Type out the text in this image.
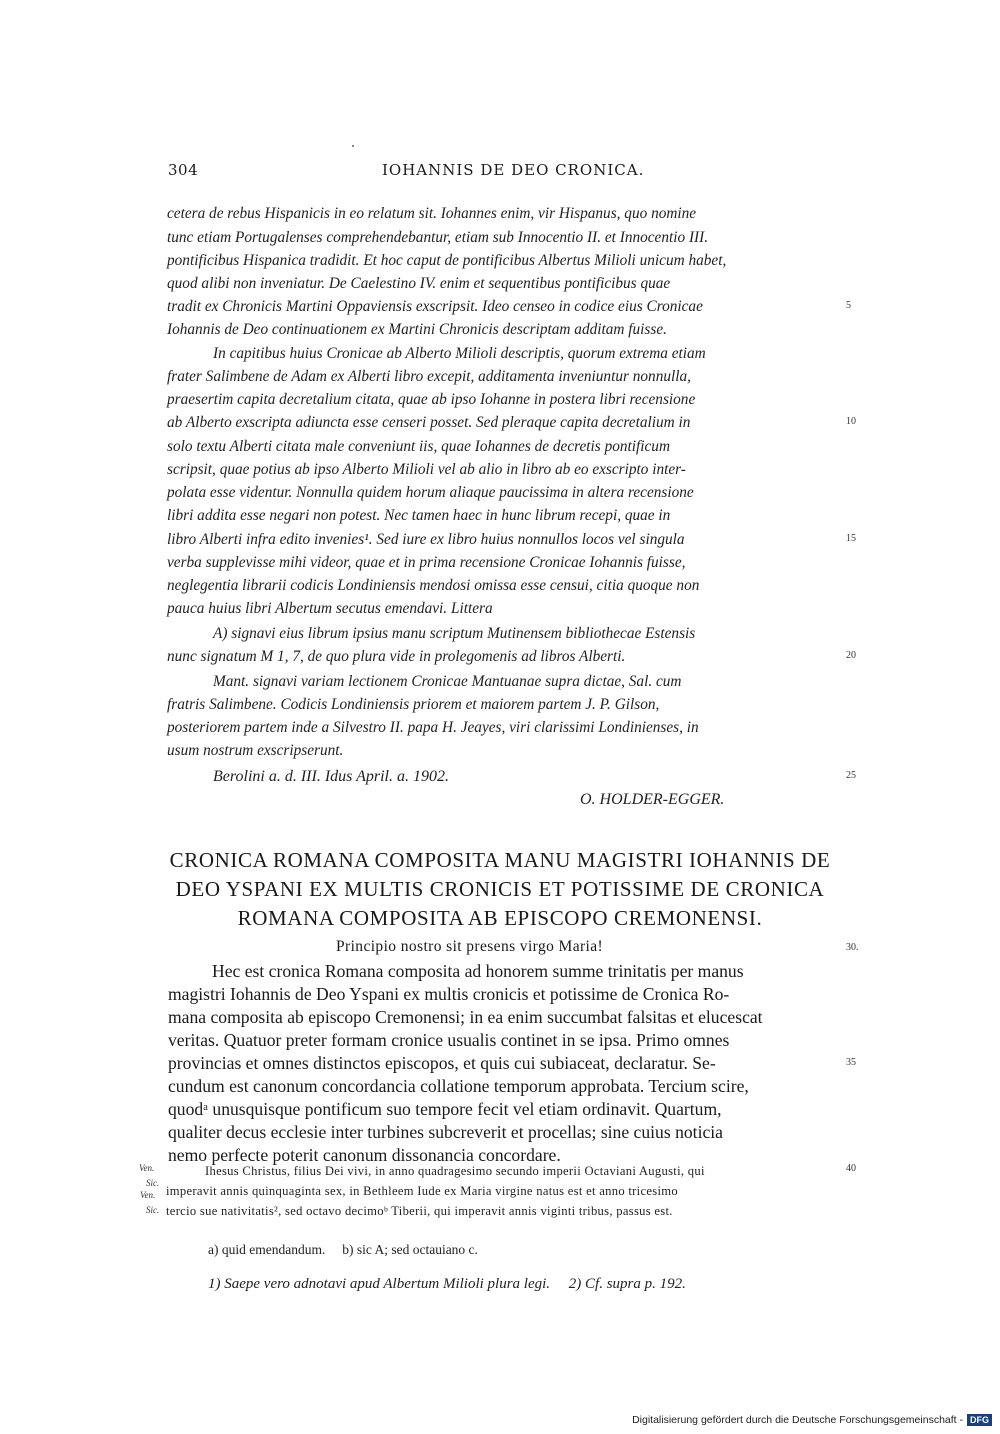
304	IOHANNIS DE DEO CRONICA.
cetera de rebus Hispanicis in eo relatum sit. Iohannes enim, vir Hispanus, quo nomine
tunc etiam Portugalenses comprehendebantur, etiam sub Innocentio II. et Innocentio III.
pontificibus Hispanica tradidit. Et hoc caput de pontificibus Albertus Milioli unicum habet,
quod alibi non inveniatur. De Caelestino IV. enim et sequentibus pontificibus quae
tradit ex Chronicis Martini Oppaviensis exscripsit. Ideo censeo in codice eius Cronicae
Iohannis de Deo continuationem ex Martini Chronicis descriptam additam fuisse.
In capitibus huius Cronicae ab Alberto Milioli descriptis, quorum extrema etiam
frater Salimbene de Adam ex Alberti libro excepit, additamenta inveniuntur nonnulla,
praesertim capita decretalium citata, quae ab ipso Iohanne in postera libri recensione
ab Alberto exscripta adiuncta esse censeri posset. Sed pleraque capita decretalium in
solo textu Alberti citata male conveniunt iis, quae Iohannes de decretis pontificum
scripsit, quae potius ab ipso Alberto Milioli vel ab alio in libro ab eo exscripto inter-
polata esse videntur. Nonnulla quidem horum aliaque paucissima in altera recensione
libri addita esse negari non potest. Nec tamen haec in hunc librum recepi, quae in
libro Alberti infra edito invenies¹. Sed iure ex libro huius nonnullos locos vel singula
verba supplevisse mihi videor, quae et in prima recensione Cronicae Iohannis fuisse,
neglegentia librarii codicis Londiniensis mendosi omissa esse censui, citia quoque non
pauca huius libri Albertum secutus emendavi. Littera
A) signavi eius librum ipsius manu scriptum Mutinensem bibliothecae Estensis
nunc signatum M 1, 7, de quo plura vide in prolegomenis ad libros Alberti.
Mant. signavi variam lectionem Cronicae Mantuanae supra dictae, Sal. cum
fratris Salimbene. Codicis Londiniensis priorem et maiorem partem J. P. Gilson,
posteriorem partem inde a Silvestro II. papa H. Jeayes, viri clarissimi Londinienses, in
usum nostrum exscripserunt.
Berolini a. d. III. Idus April. a. 1902.
O. HOLDER-EGGER.
5
10
15
20
25
30.
35
40
CRONICA ROMANA COMPOSITA MANU MAGISTRI IOHANNIS DE
DEO YSPANI EX MULTIS CRONICIS ET POTISSIME DE CRONICA
ROMANA COMPOSITA AB EPISCOPO CREMONENSI.
Principio nostro sit presens virgo Maria!
Hec est cronica Romana composita ad honorem summe trinitatis per manus
magistri Iohannis de Deo Yspani ex multis cronicis et potissime de Cronica Ro-
mana composita ab episcopo Cremonensi; in ea enim succumbat falsitas et elucescat
veritas. Quatuor preter formam cronice usualis continet in se ipsa. Primo omnes
provincias et omnes distinctos episcopos, et quis cui subiaceat, declaratur. Se-
cundum est canonum concordancia collatione temporum approbata. Tercium scire,
quodᵃ unusquisque pontificum suo tempore fecit vel etiam ordinavit. Quartum,
qualiter decus ecclesie inter turbines subcreverit et procellas; sine cuius noticia
nemo perfecte poterit canonum dissonancia concordare.
Ven.
Sic.
Ven.
Sic.
Ihesus Christus, filius Dei vivi, in anno quadragesimo secundo imperii Octaviani Augusti, qui
imperavit annis quinquaginta sex, in Bethleem Iude ex Maria virgine natus est et anno tricesimo
tercio sue nativitatis², sed octavo decimoᵇ Tiberii, qui imperavit annis viginti tribus, passus est.
a) quid emendandum.     b) sic A; sed octauiano c.
1) Saepe vero adnotavi apud Albertum Milioli plura legi.     2) Cf. supra p. 192.
Digitalisierung gefördert durch die Deutsche Forschungsgemeinschaft - DFG
